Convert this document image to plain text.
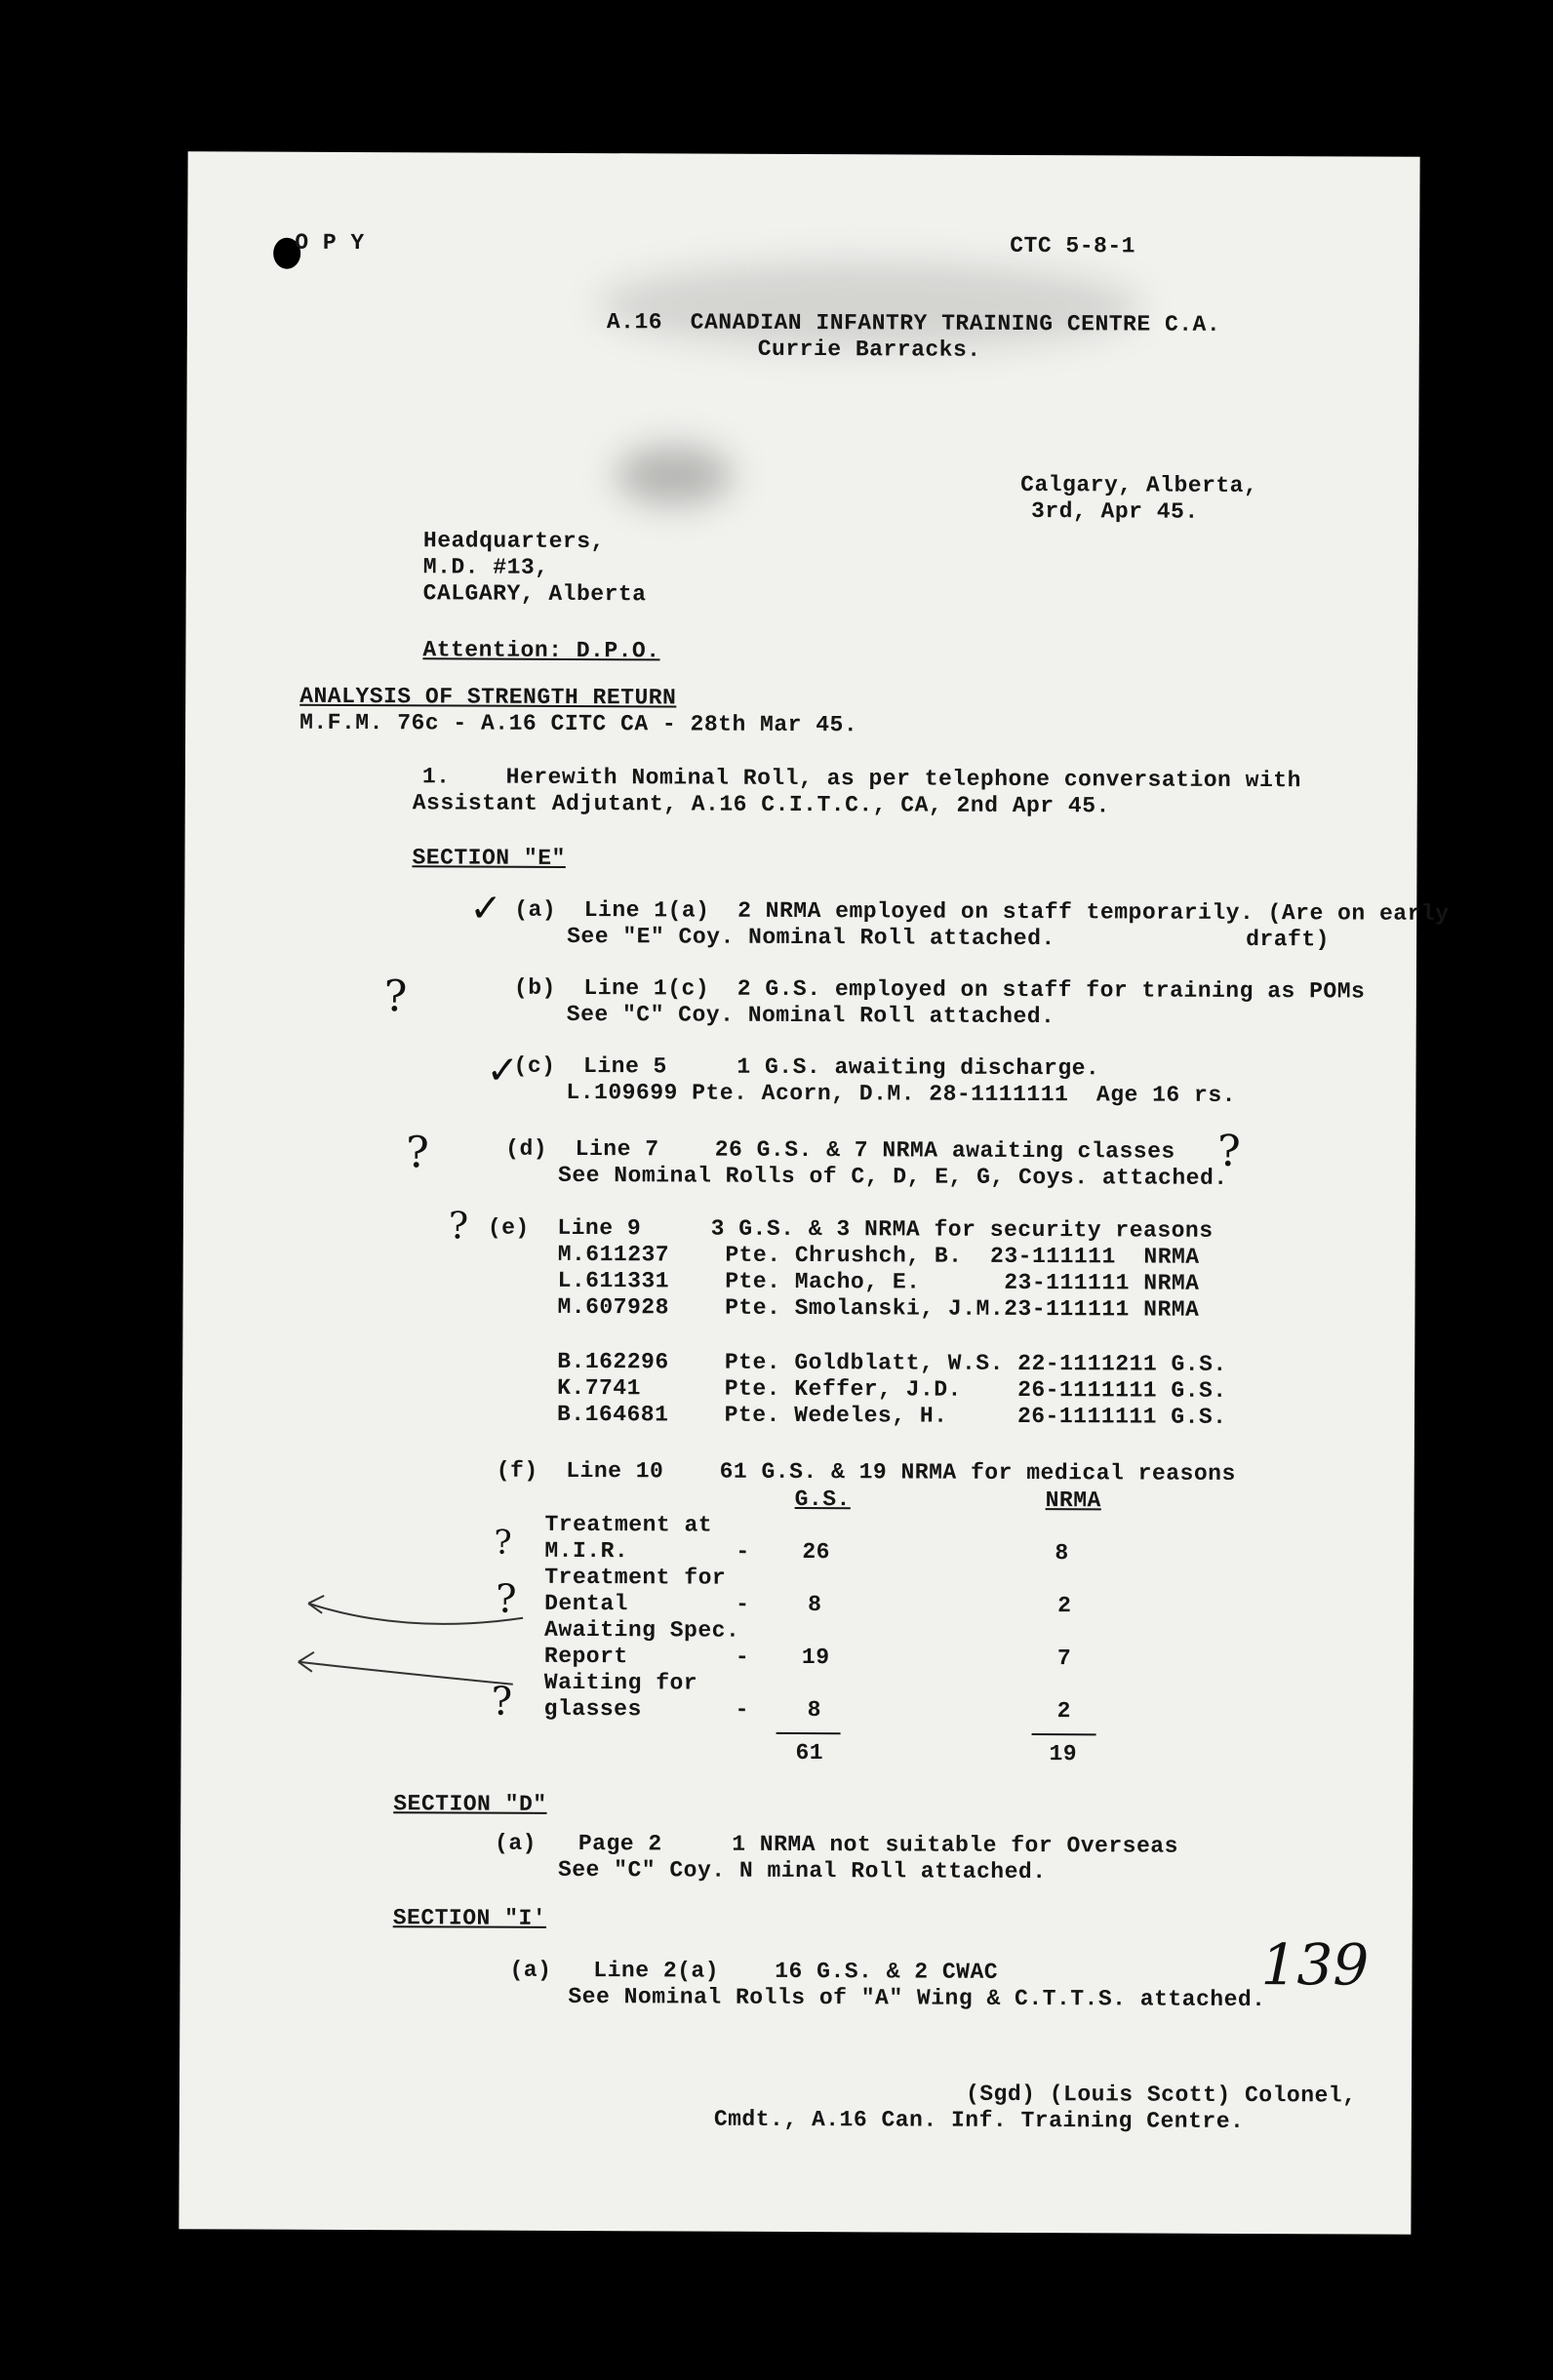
O P Y	CTC 5-8-1
A.16  CANADIAN INFANTRY TRAINING CENTRE C.A.
Currie Barracks.
Calgary, Alberta,
3rd, Apr 45.
Headquarters,
M.D. #13,
CALGARY, Alberta
Attention: D.P.O.
ANALYSIS OF STRENGTH RETURN
M.F.M. 76c - A.16 CITC CA - 28th Mar 45.
1.    Herewith Nominal Roll, as per telephone conversation with
Assistant Adjutant, A.16 C.I.T.C., CA, 2nd Apr 45.
SECTION "E"
✓ (a)  Line 1(a)  2 NRMA employed on staff temporarily. (Are on early
See "E" Coy. Nominal Roll attached.	draft)
?	(b)  Line 1(c)  2 G.S. employed on staff for training as POMs
See "C" Coy. Nominal Roll attached.
✓
(c)  Line 5     1 G.S. awaiting discharge.
L.109699 Pte. Acorn, D.M. 28-1111111  Age 16 rs.
?	?
(d)  Line 7    26 G.S. & 7 NRMA awaiting classes
See Nominal Rolls of C, D, E, G, Coys. attached.
? (e)  Line 9     3 G.S. & 3 NRMA for security reasons
M.611237    Pte. Chrushch, B.  23-111111  NRMA
L.611331    Pte. Macho, E.      23-111111 NRMA
M.607928    Pte. Smolanski, J.M.23-111111 NRMA
B.162296    Pte. Goldblatt, W.S. 22-1111211 G.S.
K.7741      Pte. Keffer, J.D.    26-1111111 G.S.
B.164681    Pte. Wedeles, H.     26-1111111 G.S.
(f)  Line 10    61 G.S. & 19 NRMA for medical reasons
G.S.	NRMA
Treatment at
M.I.R.	- 26	8
Treatment for
Dental	-	8	2
Awaiting Spec.
Report	- 19	7
Waiting for
glasses	-	8	2
61	19
?
?
?
SECTION "D"
(a)   Page 2     1 NRMA not suitable for Overseas
See "C" Coy. N minal Roll attached.
SECTION "I'
(a)   Line 2(a)    16 G.S. & 2 CWAC
See Nominal Rolls of "A" Wing & C.T.T.S. attached.
139
(Sgd) (Louis Scott) Colonel,
Cmdt., A.16 Can. Inf. Training Centre.
